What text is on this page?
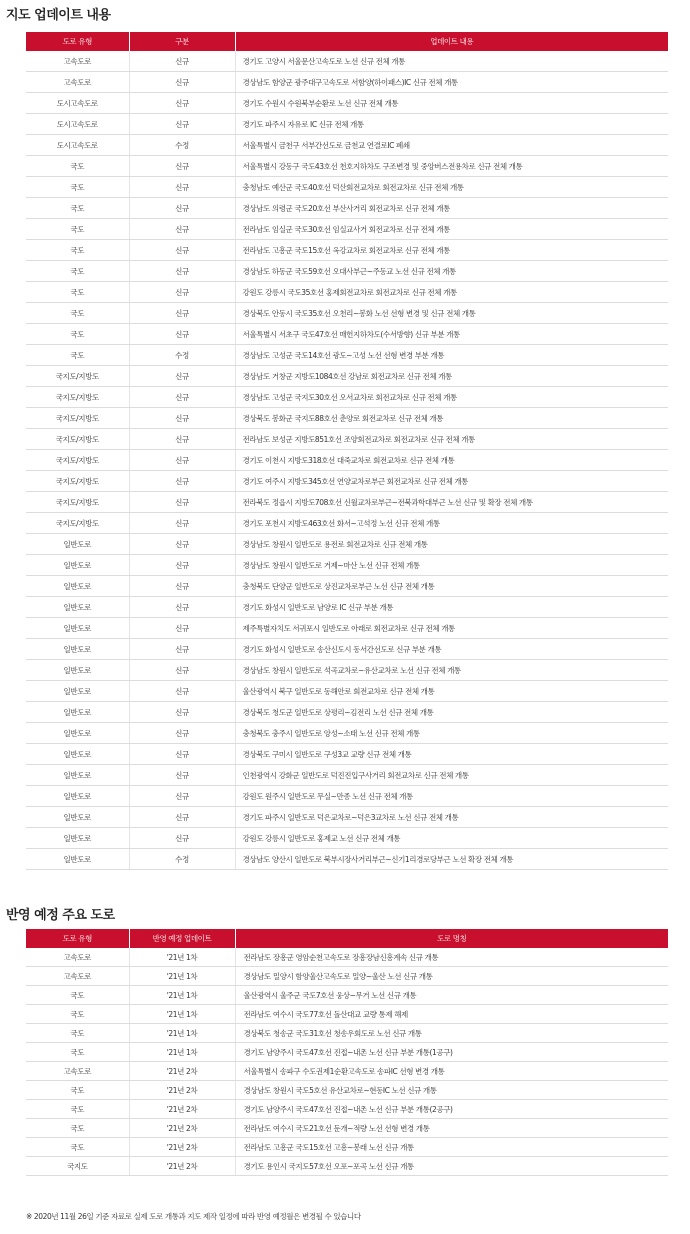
지도 업데이트 내용
도로 유형	구분	업데이트 내용
고속도로	신규	경기도 고양시 서울문산고속도로 노선 신규 전체 개통
고속도로	신규	경상남도 함양군 광주대구고속도로 서함양(하이패스)IC 신규 전체 개통
도시고속도로	신규	경기도 수원시 수원북부순환로 노선 신규 전체 개통
도시고속도로	신규	경기도 파주시 자유로 IC 신규 전체 개통
도시고속도로	수정	서울특별시 금천구 서부간선도로 금천교 연결로IC 폐쇄
국도	신규	서울특별시 강동구 국도43호선 천호지하차도 구조변경 및 중앙버스전용차로 신규 전체 개통
국도	신규	충청남도 예산군 국도40호선 덕산회전교차로 회전교차로 신규 전체 개통
국도	신규	경상남도 의령군 국도20호선 부산사거리 회전교차로 신규 전체 개통
국도	신규	전라남도 임실군 국도30호선 임실교사거 회전교차로 신규 전체 개통
국도	신규	전라남도 고흥군 국도15호선 옥강교차로 회전교차로 신규 전체 개통
국도	신규	경상남도 하동군 국도59호선 오대사부근~주동교 노선 신규 전체 개통
국도	신규	강원도 강릉시 국도35호선 홍제회전교차로 회전교차로 신규 전체 개통
국도	신규	경상북도 안동시 국도35호선 오천리~봉화 노선 선형 변경 및 신규 전체 개통
국도	신규	서울특별시 서초구 국도47호선 매헌지하차도(수서방향) 신규 부분 개통
국도	수정	경상남도 고성군 국도14호선 광도~고성 노선 선형 변경 부분 개통
국지도/지방도	신규	경상남도 거창군 지방도1084호선 강남로 회전교차로 신규 전체 개통
국지도/지방도	신규	경상남도 고성군 국지도30호선 오서교차로 회전교차로 신규 전체 개통
국지도/지방도	신규	경상북도 봉화군 국지도88호선 춘양로 회전교차로 신규 전체 개통
국지도/지방도	신규	전라남도 보성군 지방도851호선 조양회전교차로 회전교차로 신규 전체 개통
국지도/지방도	신규	경기도 이천시 지방도318호선 대죽교차로 회전교차로 신규 전체 개통
국지도/지방도	신규	경기도 여주시 지방도345호선 연양교차로부근 회전교차로 신규 전체 개통
국지도/지방도	신규	전라북도 정읍시 지방도708호선 신월교차로부근~전북과학대부근 노선 신규 및 확장 전체 개통
국지도/지방도	신규	경기도 포천시 지방도463호선 화서~고석정 노선 신규 전체 개통
일반도로	신규	경상남도 창원시 일반도로 용전로 회전교차로 신규 전체 개통
일반도로	신규	경상남도 창원시 일반도로 거제~마산 노선 신규 전체 개통
일반도로	신규	충청북도 단양군 일반도로 상진교차로부근 노선 신규 전체 개통
일반도로	신규	경기도 화성시 일반도로 남양로 IC 신규 부분 개통
일반도로	신규	제주특별자치도 서귀포시 일반도로 아래로 회전교차로 신규 전체 개통
일반도로	신규	경기도 화성시 일반도로 송산신도시 동서간선도로 신규 부분 개통
일반도로	신규	경상남도 창원시 일반도로 석곡교차로~유산교차로 노선 신규 전체 개통
일반도로	신규	울산광역시 북구 일반도로 동해안로 회전교차로 신규 전체 개통
일반도로	신규	경상북도 청도군 일반도로 상평리~김전리 노선 신규 전체 개통
일반도로	신규	충청북도 충주시 일반도로 앙성~소태 노선 신규 전체 개통
일반도로	신규	경상북도 구미시 일반도로 구성3교 교량 신규 전체 개통
일반도로	신규	인천광역시 강화군 일반도로 덕진진입구사거리 회전교차로 신규 전체 개통
일반도로	신규	강원도 원주시 일반도로 무실~만종 노선 신규 전체 개통
일반도로	신규	경기도 파주시 일반도로 덕은교차로~덕은3교차로 노선 신규 전체 개통
일반도로	신규	강원도 강릉시 일반도로 홍제교 노선 신규 전체 개통
일반도로	수정	경상남도 양산시 일반도로 북부시장사거리부근~신기1리경로당부근 노선 확장 전체 개통
반영 예정 주요 도로
도로 유형	반영 예정 업데이트	도로 명칭
고속도로	'21년 1차	전라남도 장흥군 영암순천고속도로 장흥장남신흥계속 신규 개통
고속도로	'21년 1차	경상남도 밀양시 함양울산고속도로 밀양~울산 노선 신규 개통
국도	'21년 1차	울산광역시 울주군 국도7호선 웅상~무거 노선 신규 개통
국도	'21년 1차	전라남도 여수시 국도77호선 돌산대교 교량 통제 해제
국도	'21년 1차	경상북도 청송군 국도31호선 청송우회도로 노선 신규 개통
국도	'21년 1차	경기도 남양주시 국도47호선 진접~내촌 노선 신규 부분 개통(1공구)
고속도로	'21년 2차	서울특별시 송파구 수도권제1순환고속도로 송파IC 선형 변경 개통
국도	'21년 2차	경상남도 창원시 국도5호선 유산교차로~현동IC 노선 신규 개통
국도	'21년 2차	경기도 남양주시 국도47호선 진접~내촌 노선 신규 부분 개통(2공구)
국도	'21년 2차	전라남도 여수시 국도21호선 둔개~적량 노선 선형 변경 개통
국도	'21년 2차	전라남도 고흥군 국도15호선 고흥~봉래 노선 신규 개통
국지도	'21년 2차	경기도 용인시 국지도57호선 오포~포곡 노선 신규 개통
※ 2020년 11월 26일 기준 자료로 실제 도로 개통과 지도 제작 일정에 따라 반영 예정월은 변경될 수 있습니다
